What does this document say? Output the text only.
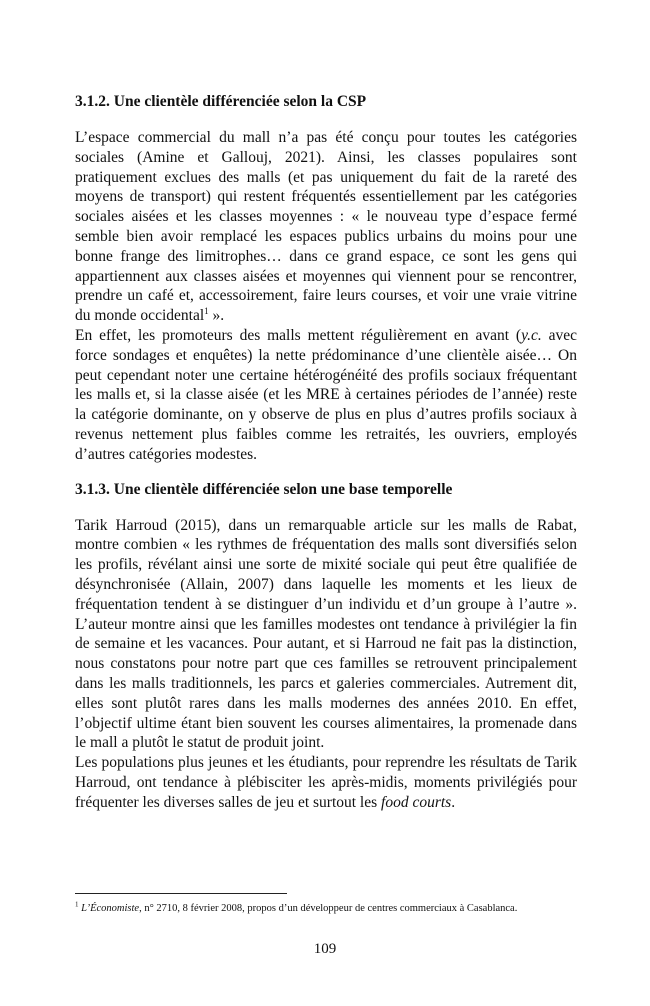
3.1.2. Une clientèle différenciée selon la CSP

L’espace commercial du mall n’a pas été conçu pour toutes les catégories sociales (Amine et Gallouj, 2021). Ainsi, les classes populaires sont pratiquement exclues des malls (et pas uniquement du fait de la rareté des moyens de transport) qui restent fréquentés essentiellement par les catégories sociales aisées et les classes moyennes : « le nouveau type d’espace fermé semble bien avoir remplacé les espaces publics urbains du moins pour une bonne frange des limitrophes… dans ce grand espace, ce sont les gens qui appartiennent aux classes aisées et moyennes qui viennent pour se rencontrer, prendre un café et, accessoirement, faire leurs courses, et voir une vraie vitrine du monde occidental$^1$ ».

En effet, les promoteurs des malls mettent régulièrement en avant (y.c. avec force sondages et enquêtes) la nette prédominance d’une clientèle aisée… On peut cependant noter une certaine hétérogénéité des profils sociaux fréquentant les malls et, si la classe aisée (et les MRE à certaines périodes de l’année) reste la catégorie dominante, on y observe de plus en plus d’autres profils sociaux à revenus nettement plus faibles comme les retraités, les ouvriers, employés d’autres catégories modestes.

3.1.3. Une clientèle différenciée selon une base temporelle

Tarik Harroud (2015), dans un remarquable article sur les malls de Rabat, montre combien « les rythmes de fréquentation des malls sont diversifiés selon les profils, révélant ainsi une sorte de mixité sociale qui peut être qualifiée de désynchronisée (Allain, 2007) dans laquelle les moments et les lieux de fréquentation tendent à se distinguer d’un individu et d’un groupe à l’autre ». L’auteur montre ainsi que les familles modestes ont tendance à privilégier la fin de semaine et les vacances. Pour autant, et si Harroud ne fait pas la distinction, nous constatons pour notre part que ces familles se retrouvent principalement dans les malls traditionnels, les parcs et galeries commerciales. Autrement dit, elles sont plutôt rares dans les malls modernes des années 2010. En effet, l’objectif ultime étant bien souvent les courses alimentaires, la promenade dans le mall a plutôt le statut de produit joint.

Les populations plus jeunes et les étudiants, pour reprendre les résultats de Tarik Harroud, ont tendance à plébisciter les après-midis, moments privilégiés pour fréquenter les diverses salles de jeu et surtout les food courts.

$^1$ L’Économiste, n° 2710, 8 février 2008, propos d’un développeur de centres commerciaux à Casablanca.
109
